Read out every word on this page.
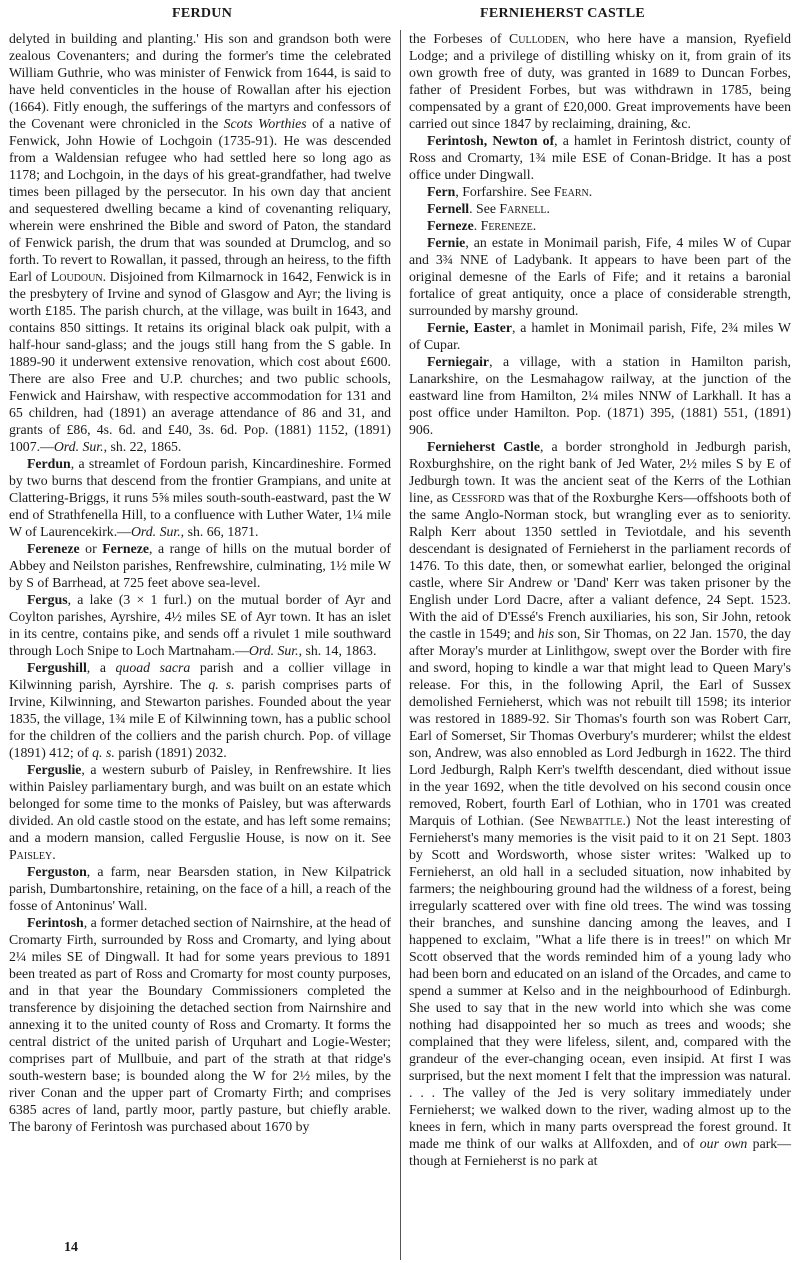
FERDUN	FERNIEHERST CASTLE

delyted in building and planting.' His son and grandson both were zealous Covenanters; and during the former's time the celebrated William Guthrie, who was minister of Fenwick from 1644, is said to have held conventicles in the house of Rowallan after his ejection (1664). Fitly enough, the sufferings of the martyrs and confessors of the Covenant were chronicled in the Scots Worthies of a native of Fenwick, John Howie of Lochgoin (1735-91). He was descended from a Waldensian refugee who had settled here so long ago as 1178; and Lochgoin, in the days of his great-grandfather, had twelve times been pillaged by the persecutor. In his own day that ancient and sequestered dwelling became a kind of covenanting reliquary, wherein were enshrined the Bible and sword of Paton, the standard of Fenwick parish, the drum that was sounded at Drumclog, and so forth. To revert to Rowallan, it passed, through an heiress, to the fifth Earl of Loudoun. Disjoined from Kilmarnock in 1642, Fenwick is in the presbytery of Irvine and synod of Glasgow and Ayr; the living is worth £185. The parish church, at the village, was built in 1643, and contains 850 sittings. It retains its original black oak pulpit, with a half-hour sand-glass; and the jougs still hang from the S gable. In 1889-90 it underwent extensive renovation, which cost about £600. There are also Free and U.P. churches; and two public schools, Fenwick and Hairshaw, with respective accommodation for 131 and 65 children, had (1891) an average attendance of 86 and 31, and grants of £86, 4s. 6d. and £40, 3s. 6d. Pop. (1881) 1152, (1891) 1007.—Ord. Sur., sh. 22, 1865.

Ferdun, a streamlet of Fordoun parish, Kincardineshire. Formed by two burns that descend from the frontier Grampians, and unite at Clattering-Briggs, it runs 5⅝ miles south-south-eastward, past the W end of Strathfenella Hill, to a confluence with Luther Water, 1¼ mile W of Laurencekirk.—Ord. Sur., sh. 66, 1871.

Fereneze or Ferneze, a range of hills on the mutual border of Abbey and Neilston parishes, Renfrewshire, culminating, 1½ mile W by S of Barrhead, at 725 feet above sea-level.

Fergus, a lake (3 × 1 furl.) on the mutual border of Ayr and Coylton parishes, Ayrshire, 4½ miles SE of Ayr town. It has an islet in its centre, contains pike, and sends off a rivulet 1 mile southward through Loch Snipe to Loch Martnaham.—Ord. Sur., sh. 14, 1863.

Fergushill, a quoad sacra parish and a collier village in Kilwinning parish, Ayrshire. The q. s. parish comprises parts of Irvine, Kilwinning, and Stewarton parishes. Founded about the year 1835, the village, 1¾ mile E of Kilwinning town, has a public school for the children of the colliers and the parish church. Pop. of village (1891) 412; of q. s. parish (1891) 2032.

Ferguslie, a western suburb of Paisley, in Renfrewshire. It lies within Paisley parliamentary burgh, and was built on an estate which belonged for some time to the monks of Paisley, but was afterwards divided. An old castle stood on the estate, and has left some remains; and a modern mansion, called Ferguslie House, is now on it. See Paisley.

Ferguston, a farm, near Bearsden station, in New Kilpatrick parish, Dumbartonshire, retaining, on the face of a hill, a reach of the fosse of Antoninus' Wall.

Ferintosh, a former detached section of Nairnshire, at the head of Cromarty Firth, surrounded by Ross and Cromarty, and lying about 2¼ miles SE of Dingwall. It had for some years previous to 1891 been treated as part of Ross and Cromarty for most county purposes, and in that year the Boundary Commissioners completed the transference by disjoining the detached section from Nairnshire and annexing it to the united county of Ross and Cromarty. It forms the central district of the united parish of Urquhart and Logie-Wester; comprises part of Mullbuie, and part of the strath at that ridge's south-western base; is bounded along the W for 2½ miles, by the river Conan and the upper part of Cromarty Firth; and comprises 6385 acres of land, partly moor, partly pasture, but chiefly arable. The barony of Ferintosh was purchased about 1670 by

the Forbeses of Culloden, who here have a mansion, Ryefield Lodge; and a privilege of distilling whisky on it, from grain of its own growth free of duty, was granted in 1689 to Duncan Forbes, father of President Forbes, but was withdrawn in 1785, being compensated by a grant of £20,000. Great improvements have been carried out since 1847 by reclaiming, draining, &c.

Ferintosh, Newton of, a hamlet in Ferintosh district, county of Ross and Cromarty, 1¾ mile ESE of Conan-Bridge. It has a post office under Dingwall.

Fern, Forfarshire. See Fearn.

Fernell. See Farnell.

Ferneze. Fereneze.

Fernie, an estate in Monimail parish, Fife, 4 miles W of Cupar and 3¾ NNE of Ladybank. It appears to have been part of the original demesne of the Earls of Fife; and it retains a baronial fortalice of great antiquity, once a place of considerable strength, surrounded by marshy ground.

Fernie, Easter, a hamlet in Monimail parish, Fife, 2¾ miles W of Cupar.

Ferniegair, a village, with a station in Hamilton parish, Lanarkshire, on the Lesmahagow railway, at the junction of the eastward line from Hamilton, 2¼ miles NNW of Larkhall. It has a post office under Hamilton. Pop. (1871) 395, (1881) 551, (1891) 906.

Fernieherst Castle, a border stronghold in Jedburgh parish, Roxburghshire, on the right bank of Jed Water, 2½ miles S by E of Jedburgh town. It was the ancient seat of the Kerrs of the Lothian line, as Cessford was that of the Roxburghe Kers—offshoots both of the same Anglo-Norman stock, but wrangling ever as to seniority. Ralph Kerr about 1350 settled in Teviotdale, and his seventh descendant is designated of Fernieherst in the parliament records of 1476. To this date, then, or somewhat earlier, belonged the original castle, where Sir Andrew or 'Dand' Kerr was taken prisoner by the English under Lord Dacre, after a valiant defence, 24 Sept. 1523. With the aid of D'Essé's French auxiliaries, his son, Sir John, retook the castle in 1549; and his son, Sir Thomas, on 22 Jan. 1570, the day after Moray's murder at Linlithgow, swept over the Border with fire and sword, hoping to kindle a war that might lead to Queen Mary's release. For this, in the following April, the Earl of Sussex demolished Fernieherst, which was not rebuilt till 1598; its interior was restored in 1889-92. Sir Thomas's fourth son was Robert Carr, Earl of Somerset, Sir Thomas Overbury's murderer; whilst the eldest son, Andrew, was also ennobled as Lord Jedburgh in 1622. The third Lord Jedburgh, Ralph Kerr's twelfth descendant, died without issue in the year 1692, when the title devolved on his second cousin once removed, Robert, fourth Earl of Lothian, who in 1701 was created Marquis of Lothian. (See Newbattle.) Not the least interesting of Fernieherst's many memories is the visit paid to it on 21 Sept. 1803 by Scott and Wordsworth, whose sister writes: 'Walked up to Fernieherst, an old hall in a secluded situation, now inhabited by farmers; the neighbouring ground had the wildness of a forest, being irregularly scattered over with fine old trees. The wind was tossing their branches, and sunshine dancing among the leaves, and I happened to exclaim, "What a life there is in trees!" on which Mr Scott observed that the words reminded him of a young lady who had been born and educated on an island of the Orcades, and came to spend a summer at Kelso and in the neighbourhood of Edinburgh. She used to say that in the new world into which she was come nothing had disappointed her so much as trees and woods; she complained that they were lifeless, silent, and, compared with the grandeur of the ever-changing ocean, even insipid. At first I was surprised, but the next moment I felt that the impression was natural. . . . The valley of the Jed is very solitary immediately under Fernieherst; we walked down to the river, wading almost up to the knees in fern, which in many parts overspread the forest ground. It made me think of our walks at Allfoxden, and of our own park—though at Fernieherst is no park at

14
